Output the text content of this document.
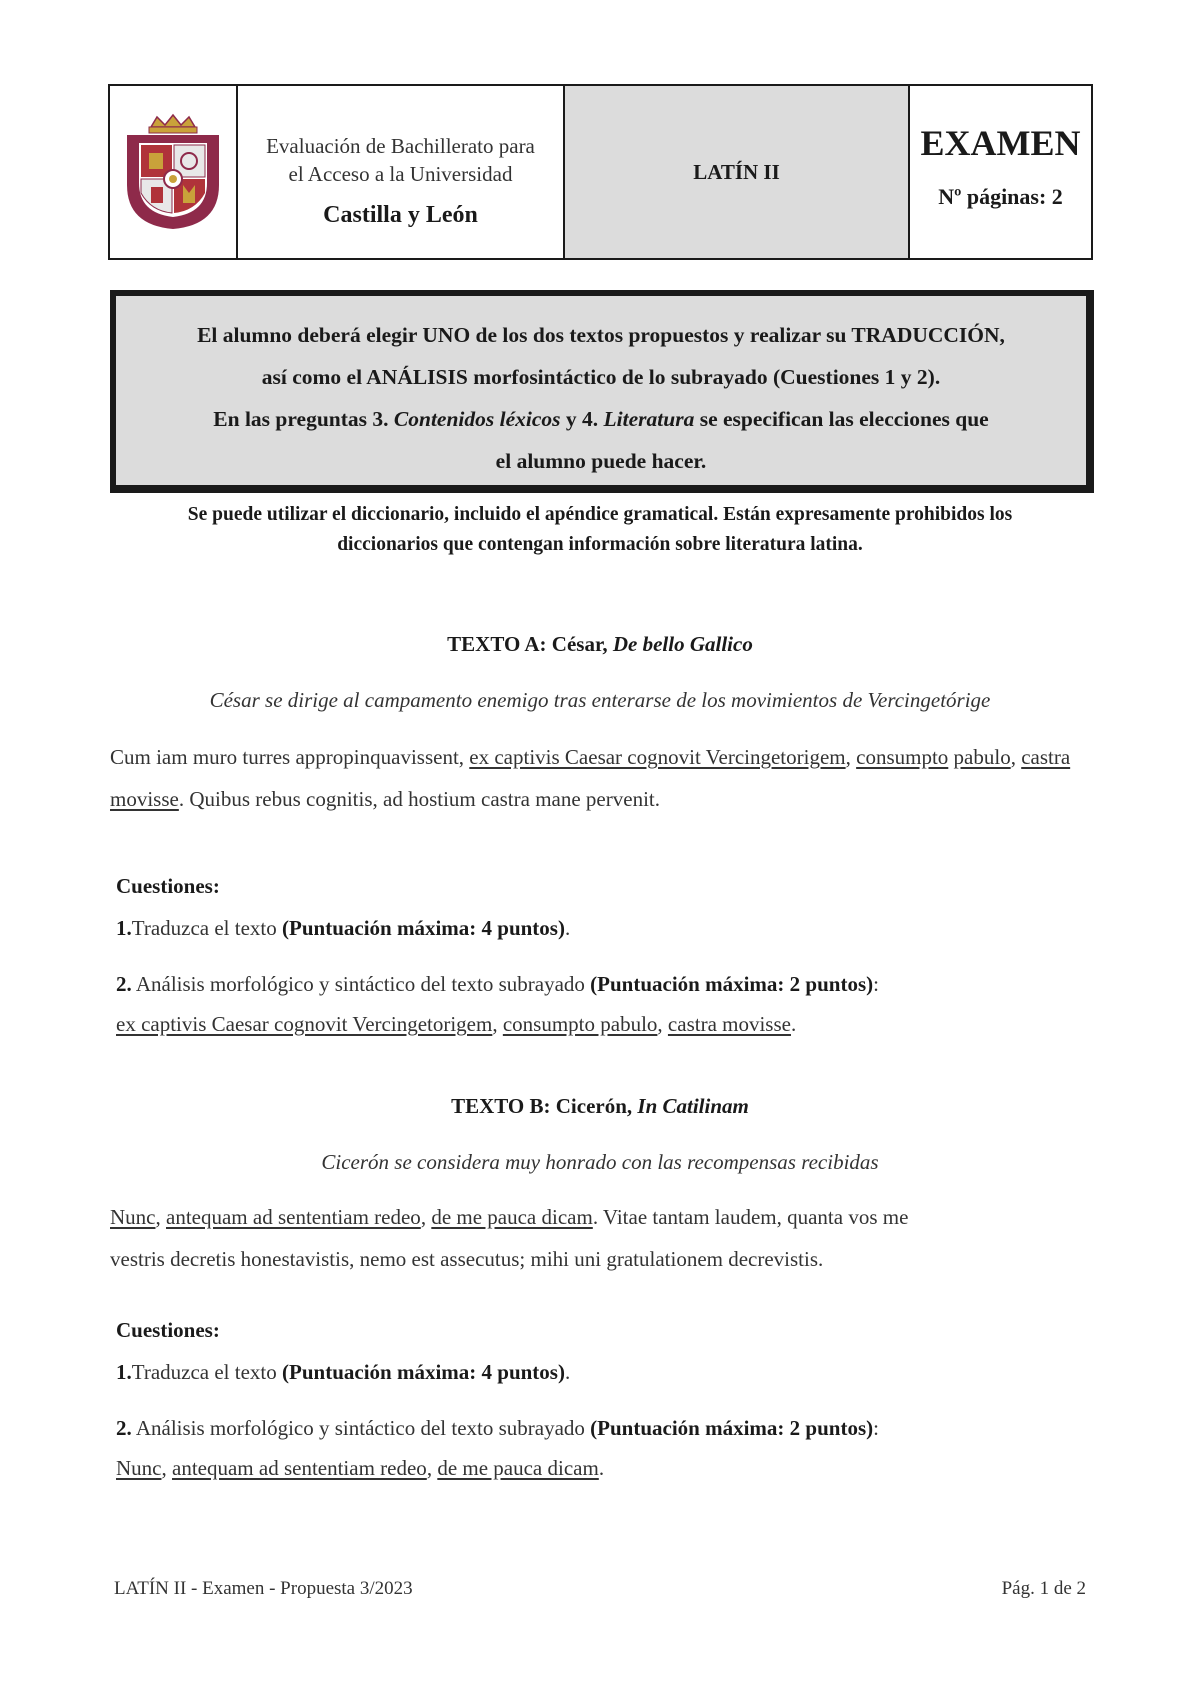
Evaluación de Bachillerato para
el Acceso a la Universidad
Castilla y León
LATÍN II
EXAMEN
Nº páginas: 2

El alumno deberá elegir UNO de los dos textos propuestos y realizar su TRADUCCIÓN,

así como el ANÁLISIS morfosintáctico de lo subrayado (Cuestiones 1 y 2).

En las preguntas 3. Contenidos léxicos y 4. Literatura se especifican las elecciones que

el alumno puede hacer.

Se puede utilizar el diccionario, incluido el apéndice gramatical. Están expresamente prohibidos los
diccionarios que contengan información sobre literatura latina.
TEXTO A: César, De bello Gallico
César se dirige al campamento enemigo tras enterarse de los movimientos de Vercingetórige
Cum iam muro turres appropinquavissent, ex captivis Caesar cognovit Vercingetorigem, consumpto pabulo, castra movisse. Quibus rebus cognitis, ad hostium castra mane pervenit.
Cuestiones:
1.Traduzca el texto (Puntuación máxima: 4 puntos).
2. Análisis morfológico y sintáctico del texto subrayado (Puntuación máxima: 2 puntos):
ex captivis Caesar cognovit Vercingetorigem, consumpto pabulo, castra movisse.
TEXTO B: Cicerón, In Catilinam
Cicerón se considera muy honrado con las recompensas recibidas
Nunc, antequam ad sententiam redeo, de me pauca dicam. Vitae tantam laudem, quanta vos me
vestris decretis honestavistis, nemo est assecutus; mihi uni gratulationem decrevistis.
Cuestiones:
1.Traduzca el texto (Puntuación máxima: 4 puntos).
2. Análisis morfológico y sintáctico del texto subrayado (Puntuación máxima: 2 puntos):
Nunc, antequam ad sententiam redeo, de me pauca dicam.
LATÍN II - Examen - Propuesta 3/2023	Pág. 1 de 2
